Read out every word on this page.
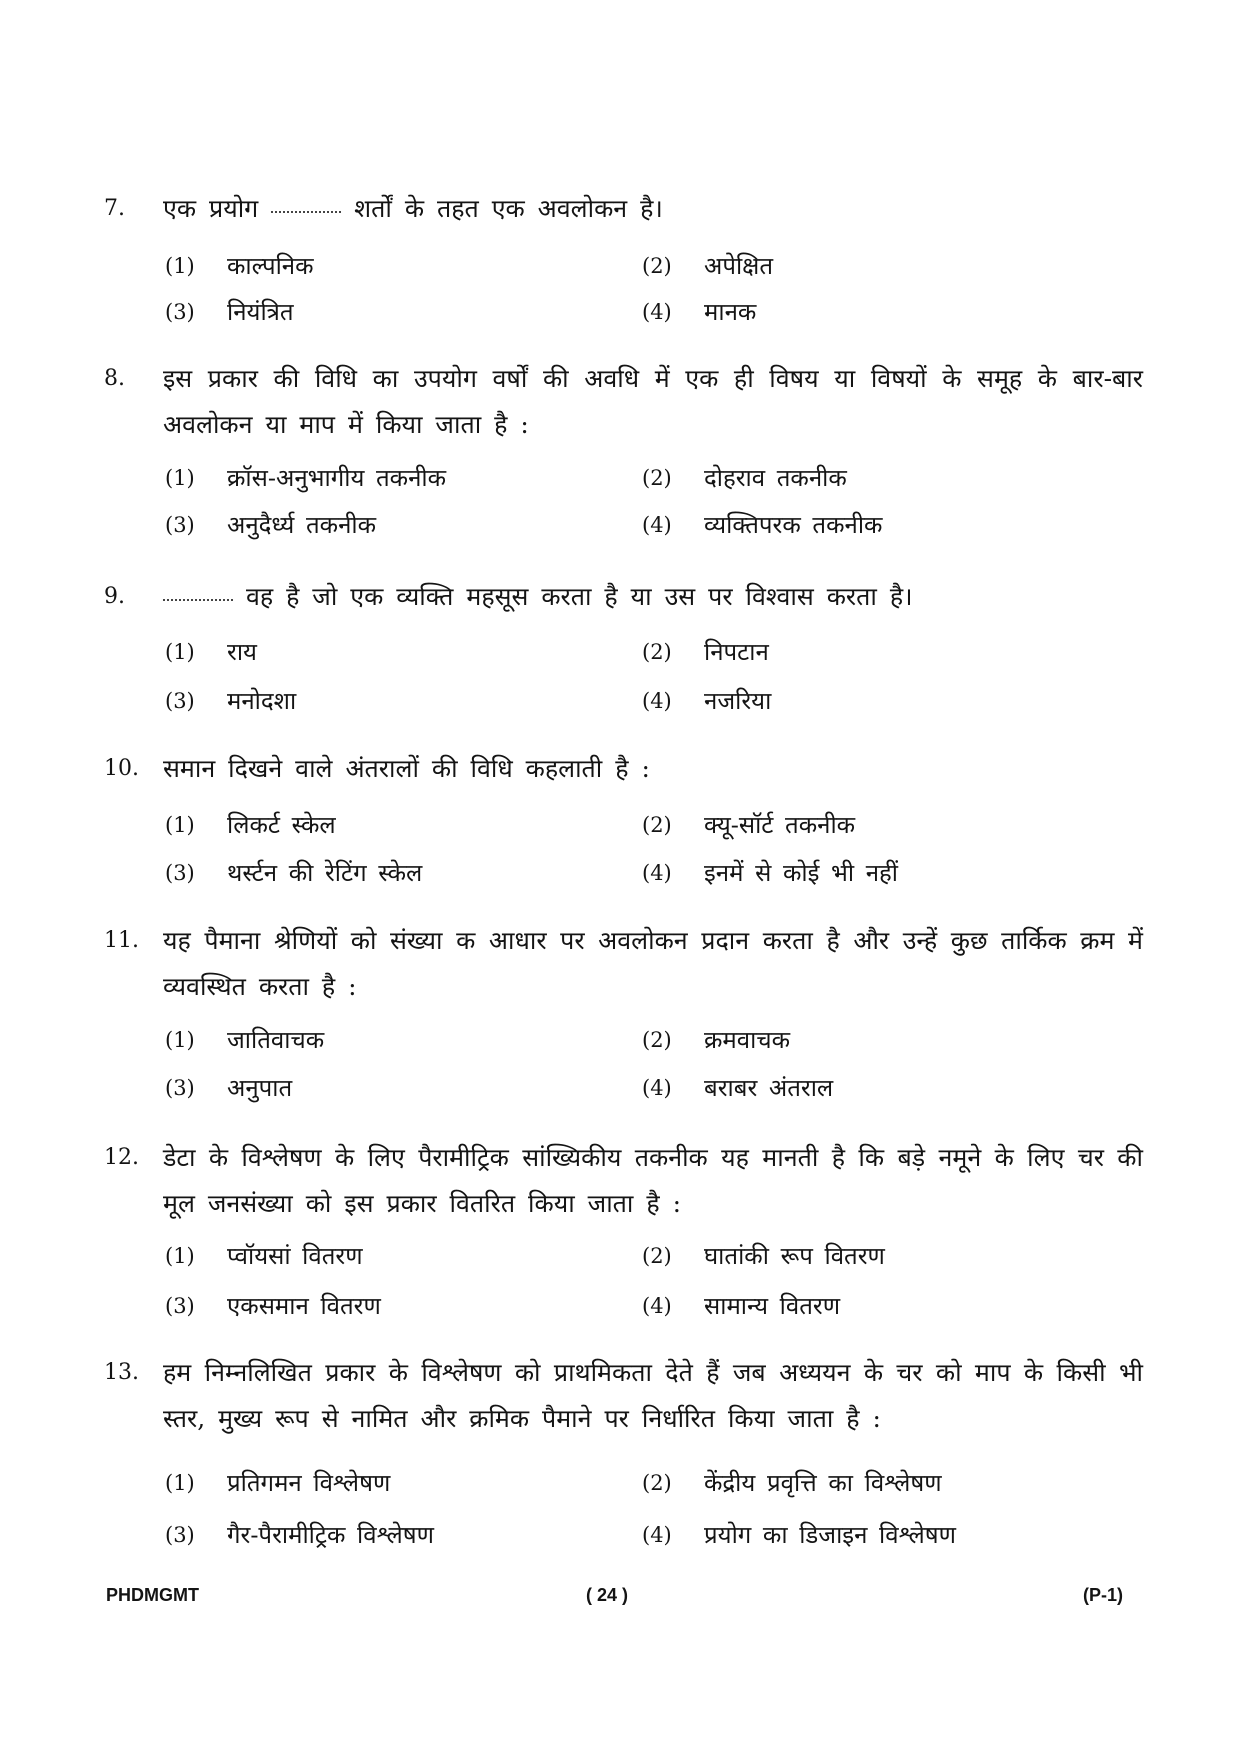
7. एक प्रयोग	शर्तों के तहत एक अवलोकन है।
(1) काल्पनिक	(2) अपेक्षित
(3) नियंत्रित	(4) मानक
8. इस प्रकार की विधि का उपयोग वर्षों की अवधि में एक ही विषय या विषयों के समूह के बार-बार अवलोकन या माप में किया जाता है :
(1) क्रॉस-अनुभागीय तकनीक	(2) दोहराव तकनीक
(3) अनुदैर्ध्य तकनीक	(4) व्यक्तिपरक तकनीक
9.	वह है जो एक व्यक्ति महसूस करता है या उस पर विश्वास करता है।
(1) राय	(2) निपटान
(3) मनोदशा	(4) नजरिया
10. समान दिखने वाले अंतरालों की विधि कहलाती है :
(1) लिकर्ट स्केल	(2) क्यू-सॉर्ट तकनीक
(3) थर्स्टन की रेटिंग स्केल	(4) इनमें से कोई भी नहीं
11. यह पैमाना श्रेणियों को संख्या क आधार पर अवलोकन प्रदान करता है और उन्हें कुछ तार्किक क्रम में व्यवस्थित करता है :
(1) जातिवाचक	(2) क्रमवाचक
(3) अनुपात	(4) बराबर अंतराल
12. डेटा के विश्लेषण के लिए पैरामीट्रिक सांख्यिकीय तकनीक यह मानती है कि बड़े नमूने के लिए चर की मूल जनसंख्या को इस प्रकार वितरित किया जाता है :
(1) प्वॉयसां वितरण	(2) घातांकी रूप वितरण
(3) एकसमान वितरण	(4) सामान्य वितरण
13. हम निम्नलिखित प्रकार के विश्लेषण को प्राथमिकता देते हैं जब अध्ययन के चर को माप के किसी भी स्तर, मुख्य रूप से नामित और क्रमिक पैमाने पर निर्धारित किया जाता है :
(1) प्रतिगमन विश्लेषण	(2) केंद्रीय प्रवृत्ति का विश्लेषण
(3) गैर-पैरामीट्रिक विश्लेषण	(4) प्रयोग का डिजाइन विश्लेषण
PHDMGMT	( 24 )	(P-1)
